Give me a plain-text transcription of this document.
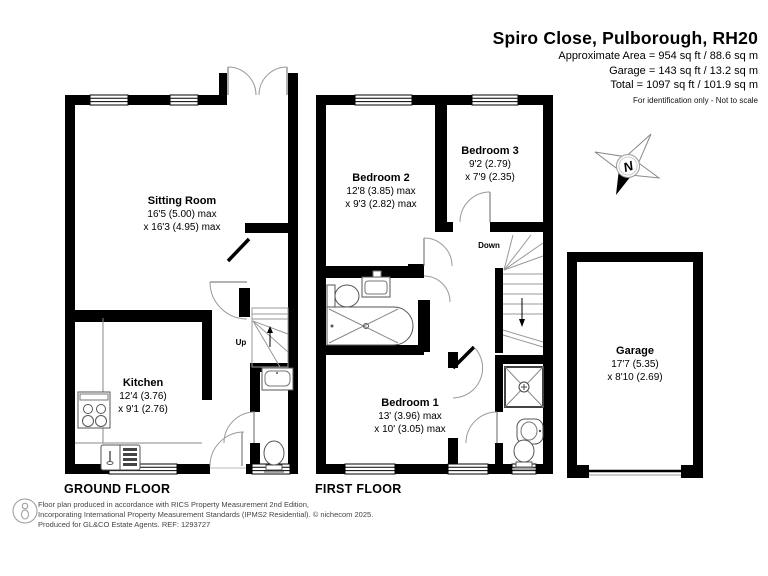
N
Spiro Close, Pulborough, RH20
Approximate Area = 954 sq ft / 88.6 sq m
Garage = 143 sq ft / 13.2 sq m
Total = 1097 sq ft / 101.9 sq m
For identification only - Not to scale
Sitting Room
16'5 (5.00) max
x 16'3 (4.95) max
Kitchen
12'4 (3.76)
x 9'1 (2.76)
Bedroom 2
12'8 (3.85) max
x 9'3 (2.82) max
Bedroom 3
9'2 (2.79)
x 7'9 (2.35)
Bedroom 1
13' (3.96) max
x 10' (3.05) max
Garage
17'7 (5.35)
x 8'10 (2.69)
Up
Down
GROUND FLOOR	FIRST FLOOR
Floor plan produced in accordance with RICS Property Measurement 2nd Edition,
Incorporating International Property Measurement Standards (IPMS2 Residential). © nichecom 2025.
Produced for GL&CO Estate Agents. REF: 1293727
